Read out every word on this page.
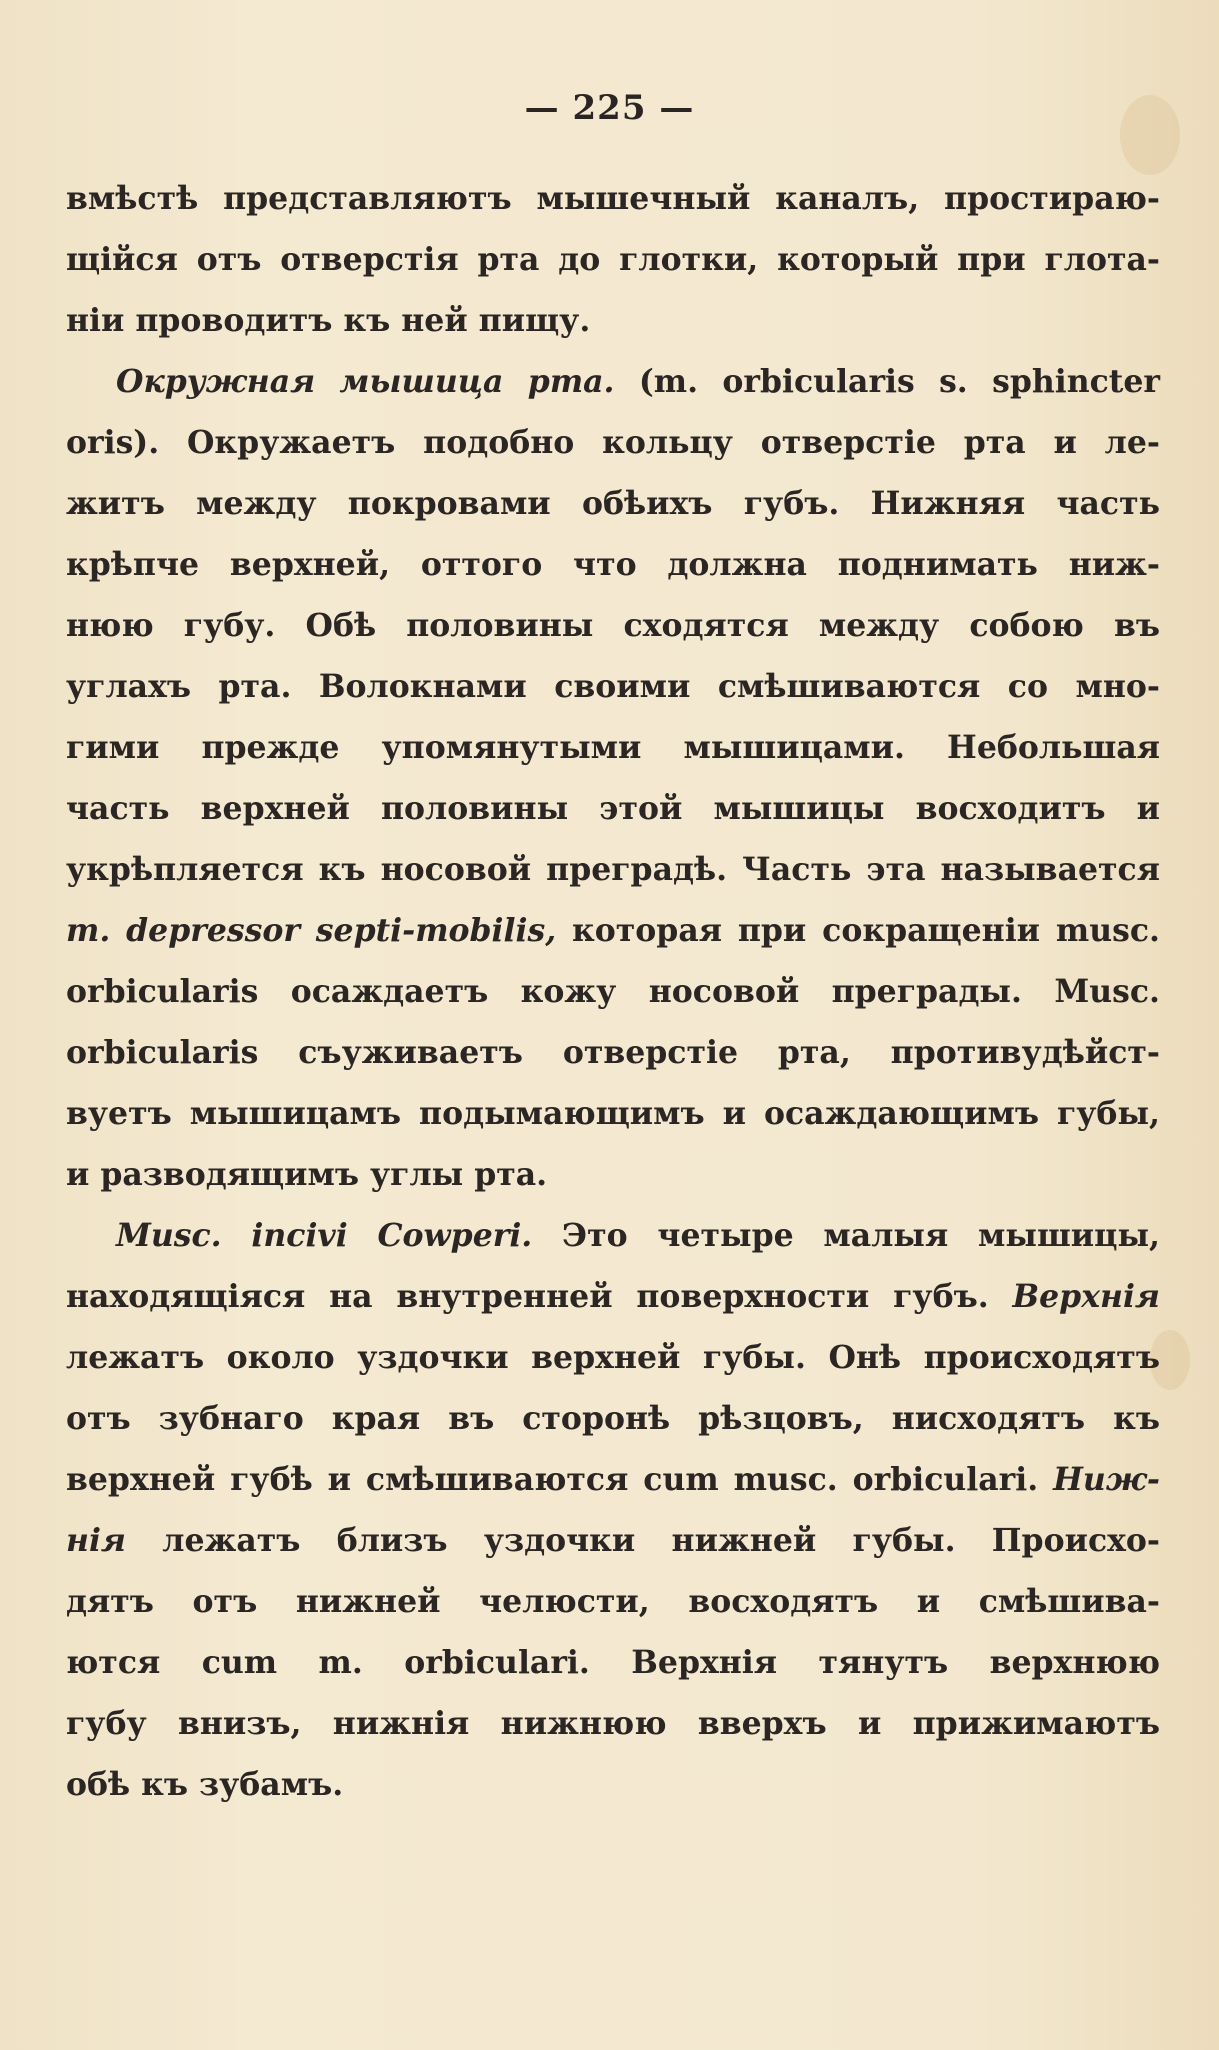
— 225 —
вмѣстѣ представляютъ мышечный каналъ, простираю-
щійся отъ отверстія рта до глотки, который при глота-
ніи проводитъ къ ней пищу.
Окружная мышица рта. (m. orbicularis s. sphincter
oris). Окружаетъ подобно кольцу отверстіе рта и ле-
житъ между покровами обѣихъ губъ. Нижняя часть
крѣпче верхней, оттого что должна поднимать ниж-
нюю губу. Обѣ половины сходятся между собою въ
углахъ рта. Волокнами своими смѣшиваются со мно-
гими прежде упомянутыми мышицами. Небольшая
часть верхней половины этой мышицы восходитъ и
укрѣпляется къ носовой преградѣ. Часть эта называется
m. depressor septi-mobilis, которая при сокращеніи musc.
orbicularis осаждаетъ кожу носовой преграды. Musc.
orbicularis съуживаетъ отверстіе рта, противудѣйст-
вуетъ мышицамъ подымающимъ и осаждающимъ губы,
и разводящимъ углы рта.
Musc. incivi Cowperi. Это четыре малыя мышицы,
находящіяся на внутренней поверхности губъ. Верхнія
лежатъ около уздочки верхней губы. Онѣ происходятъ
отъ зубнаго края въ сторонѣ рѣзцовъ, нисходятъ къ
верхней губѣ и смѣшиваются cum musc. orbiculari. Ниж-
нія лежатъ близъ уздочки нижней губы. Происхо-
дятъ отъ нижней челюсти, восходятъ и смѣшива-
ются cum m. orbiculari. Верхнія тянутъ верхнюю
губу внизъ, нижнія нижнюю вверхъ и прижимаютъ
обѣ къ зубамъ.
